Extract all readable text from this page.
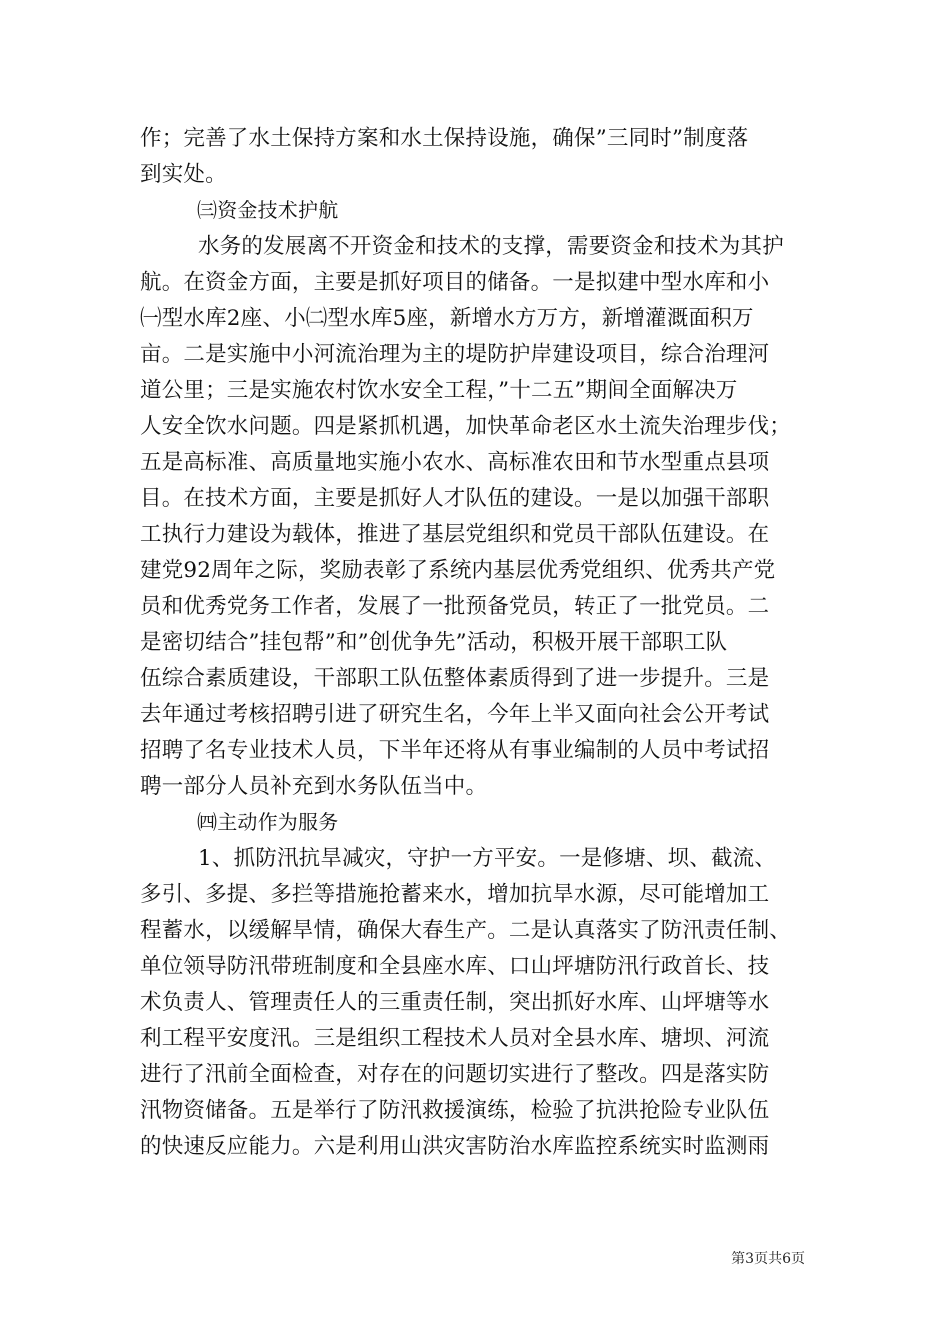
作；完善了水土保持方案和水土保持设施，确保”三同时”制度落
到实处。
㈢资金技术护航
水务的发展离不开资金和技术的支撑，需要资金和技术为其护
航。在资金方面，主要是抓好项目的储备。一是拟建中型水库和小
㈠型水库2座、小㈡型水库5座，新增水方万方，新增灌溉面积万
亩。二是实施中小河流治理为主的堤防护岸建设项目，综合治理河
道公里；三是实施农村饮水安全工程，”十二五”期间全面解决万
人安全饮水问题。四是紧抓机遇，加快革命老区水土流失治理步伐；
五是高标准、高质量地实施小农水、高标准农田和节水型重点县项
目。在技术方面，主要是抓好人才队伍的建设。一是以加强干部职
工执行力建设为载体，推进了基层党组织和党员干部队伍建设。在
建党92周年之际，奖励表彰了系统内基层优秀党组织、优秀共产党
员和优秀党务工作者，发展了一批预备党员，转正了一批党员。二
是密切结合”挂包帮”和”创优争先”活动，积极开展干部职工队
伍综合素质建设，干部职工队伍整体素质得到了进一步提升。三是
去年通过考核招聘引进了研究生名，今年上半又面向社会公开考试
招聘了名专业技术人员，下半年还将从有事业编制的人员中考试招
聘一部分人员补充到水务队伍当中。
㈣主动作为服务
1、抓防汛抗旱减灾，守护一方平安。一是修塘、坝、截流、
多引、多提、多拦等措施抢蓄来水，增加抗旱水源，尽可能增加工
程蓄水，以缓解旱情，确保大春生产。二是认真落实了防汛责任制、
单位领导防汛带班制度和全县座水库、口山坪塘防汛行政首长、技
术负责人、管理责任人的三重责任制，突出抓好水库、山坪塘等水
利工程平安度汛。三是组织工程技术人员对全县水库、塘坝、河流
进行了汛前全面检查，对存在的问题切实进行了整改。四是落实防
汛物资储备。五是举行了防汛救援演练，检验了抗洪抢险专业队伍
的快速反应能力。六是利用山洪灾害防治水库监控系统实时监测雨
第3页共6页
